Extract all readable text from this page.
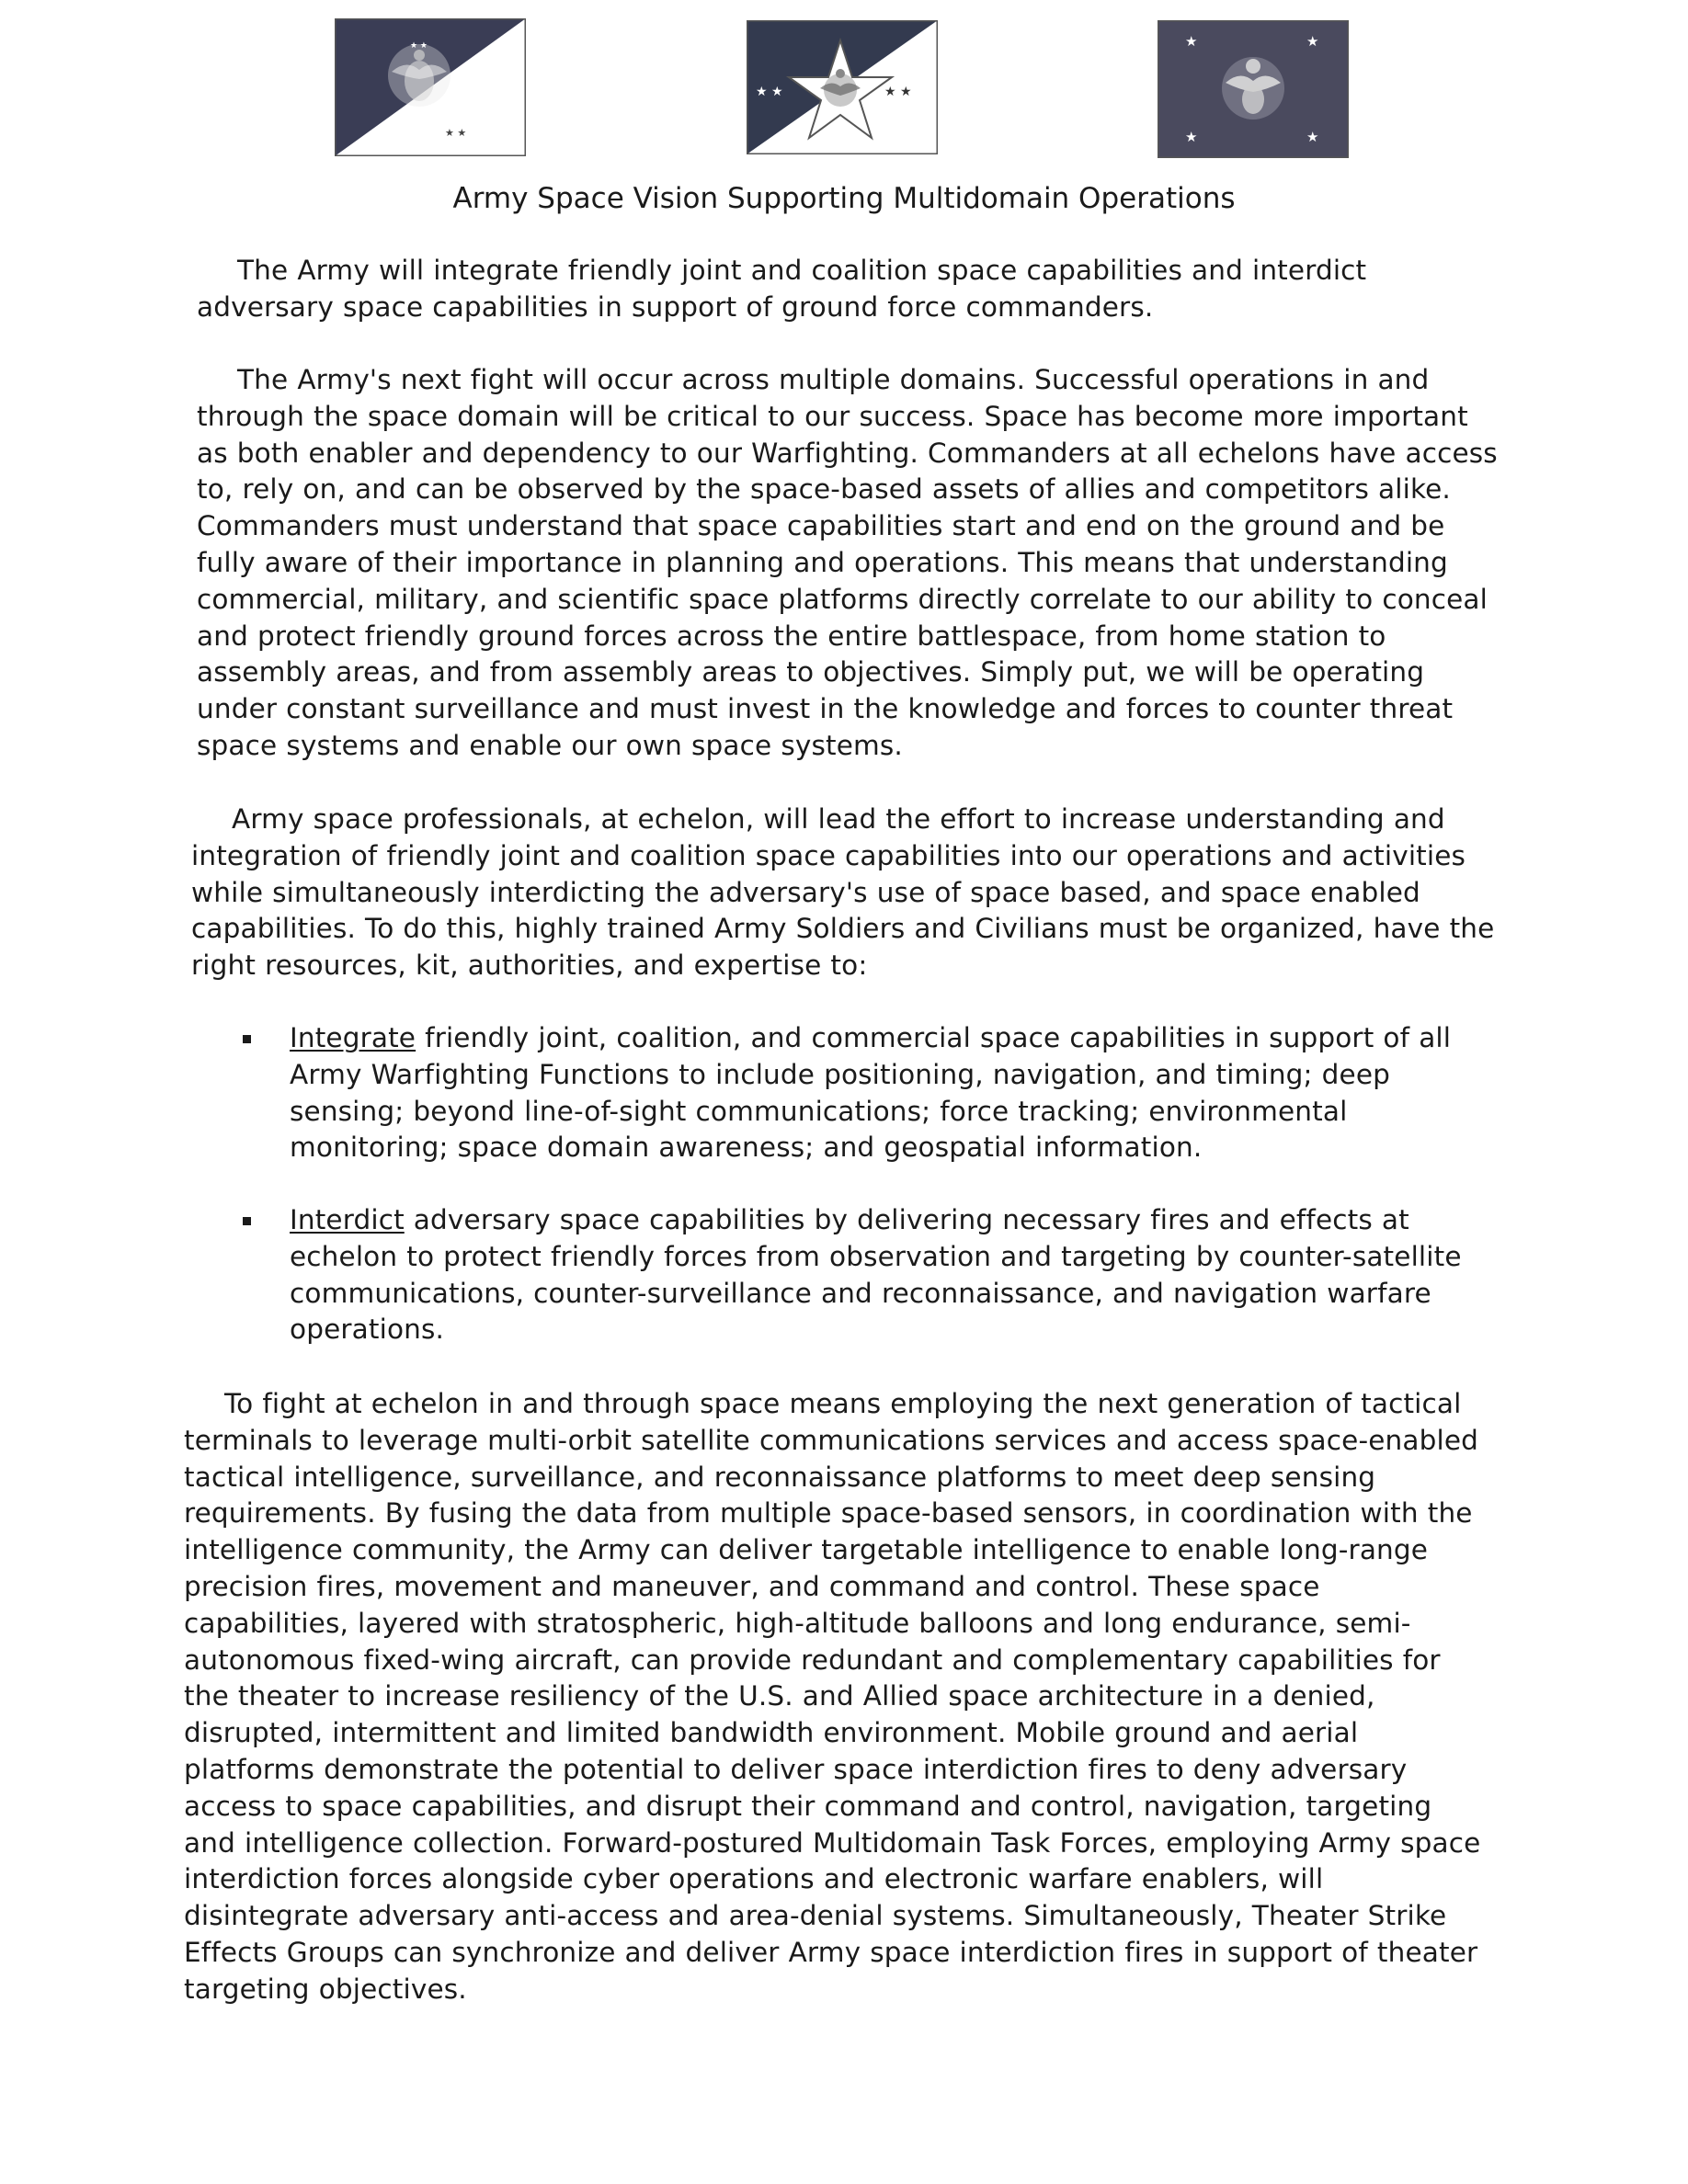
★ ★
★ ★
★ ★	★ ★
★	★
★	★
Army Space Vision Supporting Multidomain Operations

The Army will integrate friendly joint and coalition space capabilities and interdict adversary space capabilities in support of ground force commanders.

The Army's next fight will occur across multiple domains. Successful operations in and through the space domain will be critical to our success. Space has become more important as both enabler and dependency to our Warfighting. Commanders at all echelons have access to, rely on, and can be observed by the space-based assets of allies and competitors alike. Commanders must understand that space capabilities start and end on the ground and be fully aware of their importance in planning and operations. This means that understanding commercial, military, and scientific space platforms directly correlate to our ability to conceal and protect friendly ground forces across the entire battlespace, from home station to assembly areas, and from assembly areas to objectives. Simply put, we will be operating under constant surveillance and must invest in the knowledge and forces to counter threat space systems and enable our own space systems.

Army space professionals, at echelon, will lead the effort to increase understanding and integration of friendly joint and coalition space capabilities into our operations and activities while simultaneously interdicting the adversary's use of space based, and space enabled capabilities. To do this, highly trained Army Soldiers and Civilians must be organized, have the right resources, kit, authorities, and expertise to:

Integrate friendly joint, coalition, and commercial space capabilities in support of all Army Warfighting Functions to include positioning, navigation, and timing; deep sensing; beyond line-of-sight communications; force tracking; environmental monitoring; space domain awareness; and geospatial information.
Interdict adversary space capabilities by delivering necessary fires and effects at echelon to protect friendly forces from observation and targeting by counter-satellite communications, counter-surveillance and reconnaissance, and navigation warfare operations.

To fight at echelon in and through space means employing the next generation of tactical terminals to leverage multi-orbit satellite communications services and access space-enabled tactical intelligence, surveillance, and reconnaissance platforms to meet deep sensing requirements. By fusing the data from multiple space-based sensors, in coordination with the intelligence community, the Army can deliver targetable intelligence to enable long-range precision fires, movement and maneuver, and command and control. These space capabilities, layered with stratospheric, high-altitude balloons and long endurance, semi-autonomous fixed-wing aircraft, can provide redundant and complementary capabilities for the theater to increase resiliency of the U.S. and Allied space architecture in a denied, disrupted, intermittent and limited bandwidth environment. Mobile ground and aerial platforms demonstrate the potential to deliver space interdiction fires to deny adversary access to space capabilities, and disrupt their command and control, navigation, targeting and intelligence collection. Forward-postured Multidomain Task Forces, employing Army space interdiction forces alongside cyber operations and electronic warfare enablers, will disintegrate adversary anti-access and area-denial systems. Simultaneously, Theater Strike Effects Groups can synchronize and deliver Army space interdiction fires in support of theater targeting objectives.
